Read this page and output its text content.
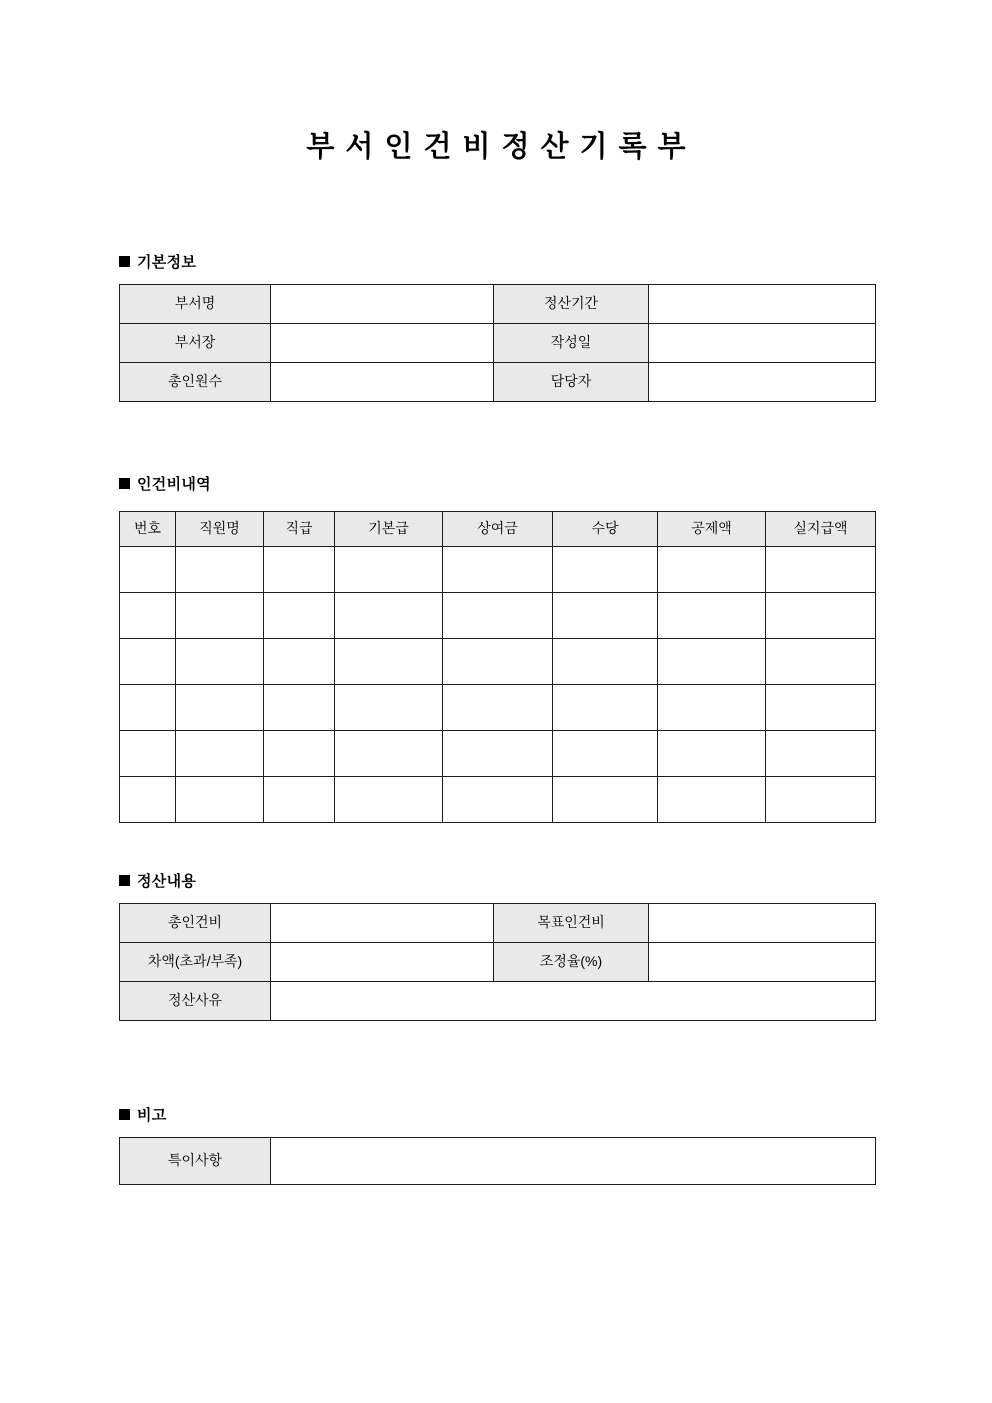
부서인건비정산기록부
기본정보
부서명		정산기간	
부서장		작성일	
총인원수		담당자	
인건비내역
번호	직원명	직급	기본급	상여금	수당	공제액	실지급액

정산내용
총인건비		목표인건비	
차액(초과/부족)		조정율(%)	
정산사유			
비고
특이사항	
